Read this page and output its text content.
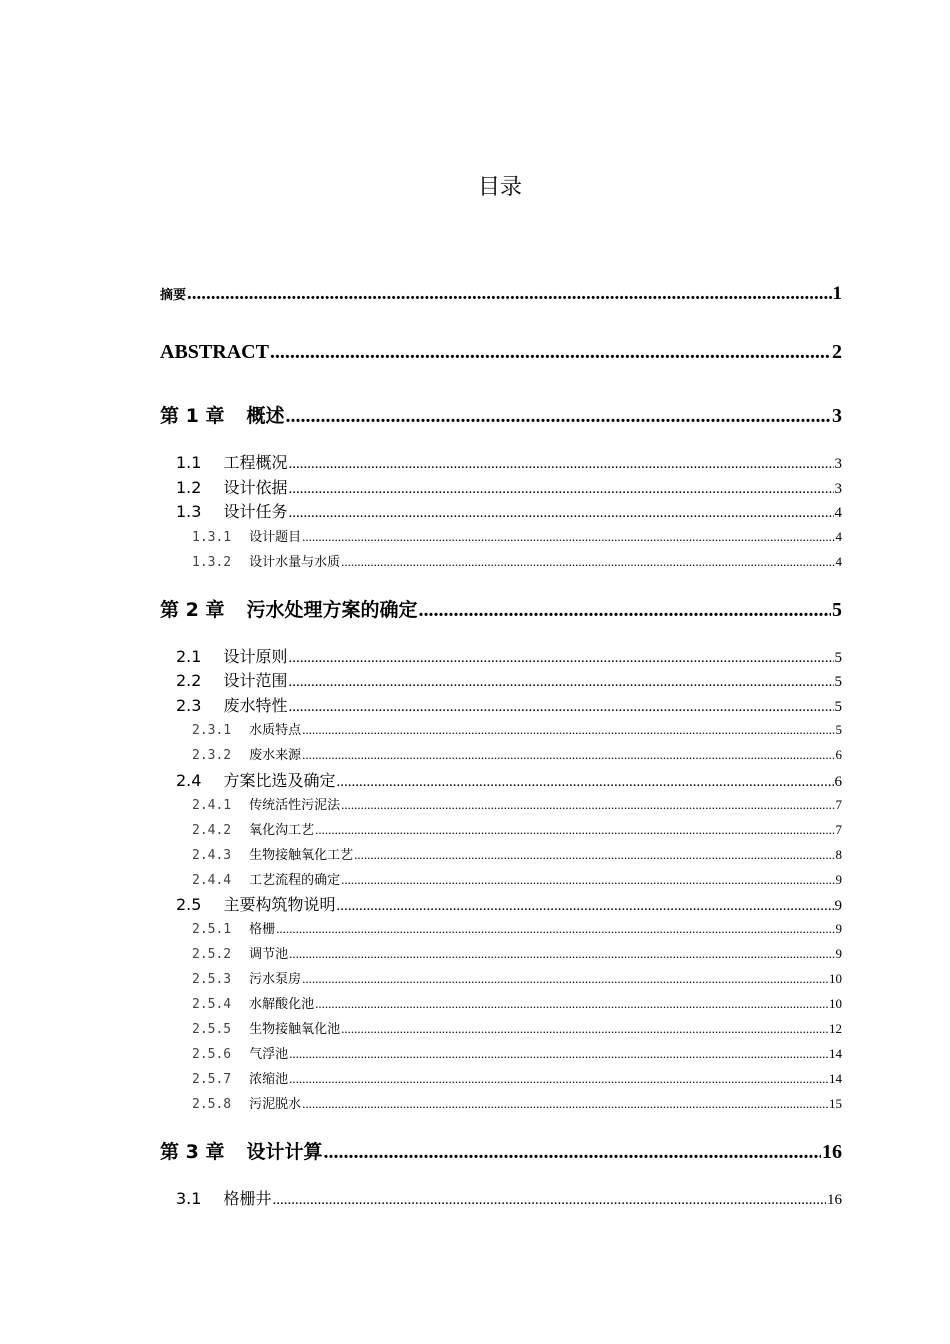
目录
摘要 .....	1
ABSTRACT .....	2
第 1 章 概述 .....	3
1.1 工程概况 .....	3
1.2 设计依据 .....	3
1.3 设计任务 .....	4
1.3.1 设计题目 .....	4
1.3.2 设计水量与水质 .....	4
第 2 章 污水处理方案的确定 .....	5
2.1 设计原则 .....	5
2.2 设计范围 .....	5
2.3 废水特性 .....	5
2.3.1 水质特点 .....	5
2.3.2 废水来源 .....	6
2.4 方案比选及确定 .....	6
2.4.1 传统活性污泥法 .....	7
2.4.2 氧化沟工艺 .....	7
2.4.3 生物接触氧化工艺 .....	8
2.4.4 工艺流程的确定 .....	9
2.5 主要构筑物说明 .....	9
2.5.1 格栅 .....	9
2.5.2 调节池 .....	9
2.5.3 污水泵房 .....	10
2.5.4 水解酸化池 .....	10
2.5.5 生物接触氧化池 .....	12
2.5.6 气浮池 .....	14
2.5.7 浓缩池 .....	14
2.5.8 污泥脱水 .....	15
第 3 章 设计计算 .....	16
3.1 格栅井 .....	16
